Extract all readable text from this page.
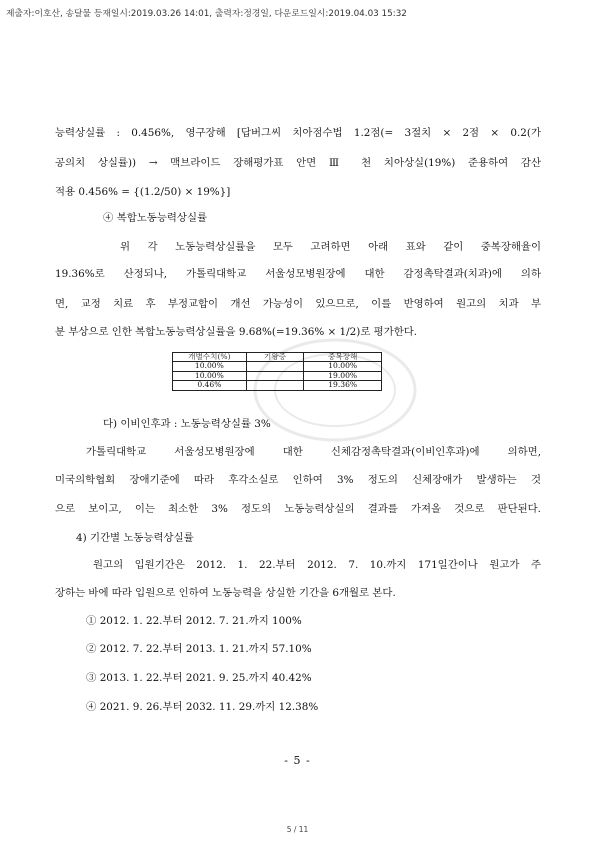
제출자:이호산, 송달물 등재일시:2019.03.26 14:01, 출력자:정경일, 다운로드일시:2019.04.03 15:32
능력상실률 : 0.456%, 영구장해 [답버그씨 치아점수법 1.2점(= 3절치 × 2점 × 0.2(가
공의치 상실률)) → 맥브라이드 장해평가표 안면 Ⅲ 천 치아상실(19%) 준용하여 감산
적용 0.456% = {(1.2/50) × 19%}]
④ 복합노동능력상실률
위 각 노동능력상실률을 모두 고려하면 아래 표와 같이 중복장해율이
19.36%로 산정되나, 가톨릭대학교 서울성모병원장에 대한 감정촉탁결과(치과)에 의하
면, 교정 치료 후 부정교합이 개선 가능성이 있으므로, 이를 반영하여 원고의 치과 부
분 부상으로 인한 복합노동능력상실률을 9.68%(=19.36% × 1/2)로 평가한다.
개별수치(%)	기왕증	중복장해
10.00%		10.00%
10.00%		19.00%
0.46%		19.36%
다) 이비인후과 : 노동능력상실률 3%
가톨릭대학교 서울성모병원장에 대한 신체감정촉탁결과(이비인후과)에 의하면,
미국의학협회 장애기준에 따라 후각소실로 인하여 3% 정도의 신체장애가 발생하는 것
으로 보이고, 이는 최소한 3% 정도의 노동능력상실의 결과를 가져올 것으로 판단된다.
4) 기간별 노동능력상실률
원고의 입원기간은 2012. 1. 22.부터 2012. 7. 10.까지 171일간이나 원고가 주
장하는 바에 따라 입원으로 인하여 노동능력을 상실한 기간을 6개월로 본다.
① 2012. 1. 22.부터 2012. 7. 21.까지 100%
② 2012. 7. 22.부터 2013. 1. 21.까지 57.10%
③ 2013. 1. 22.부터 2021. 9. 25.까지 40.42%
④ 2021. 9. 26.부터 2032. 11. 29.까지 12.38%
- 5 -
5 / 11
